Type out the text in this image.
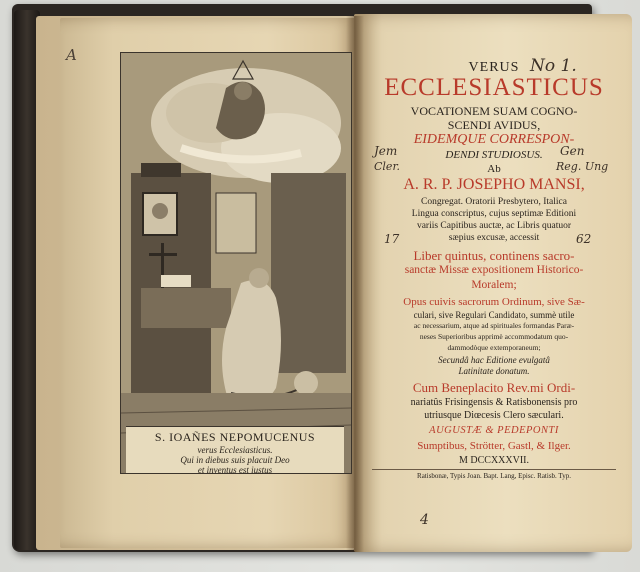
A
S. IOAÑES NEPOMUCENUS
verus Ecclesiasticus.
Qui in diebus suis placuit Deo
et inventus est iustus
VERUS
ECCLESIASTICUS
VOCATIONEM SUAM COGNO-
SCENDI AVIDUS,
EIDEMQUE CORRESPON-
DENDI STUDIOSUS.
Ab
A. R. P. JOSEPHO MANSI,
Congregat. Oratorii Presbytero, Italica
Lingua conscriptus, cujus septimæ Editioni
variis Capitibus auctæ, ac Libris quatuor
sæpius excusæ, accessit
Liber quintus, continens sacro-
sanctæ Missæ expositionem Historico-
Moralem;
Opus cuivis sacrorum Ordinum, sive Sæ-
culari, sive Regulari Candidato, summè utile
ac necessarium, atque ad spirituales formandas Paræ-
neses Superioribus apprimè accommodatum quo-
dammodòque extemporaneum;
Secundâ hac Editione evulgatâ
Latinitate donatum.
Cum Beneplacito Rev.mi Ordi-
nariatûs Frisingensis & Ratisbonensis pro
utriusque Diœcesis Clero sæculari.
AUGUSTÆ & PEDEPONTI
Sumptibus, Strötter, Gastl, & Ilger.
M DCCXXXVII.
Ratisbonæ, Typis Joan. Bapt. Lang, Episc. Ratisb. Typ.
No 1.
Jem	Gen
Cler.	Reg. Ung
17	62
4
